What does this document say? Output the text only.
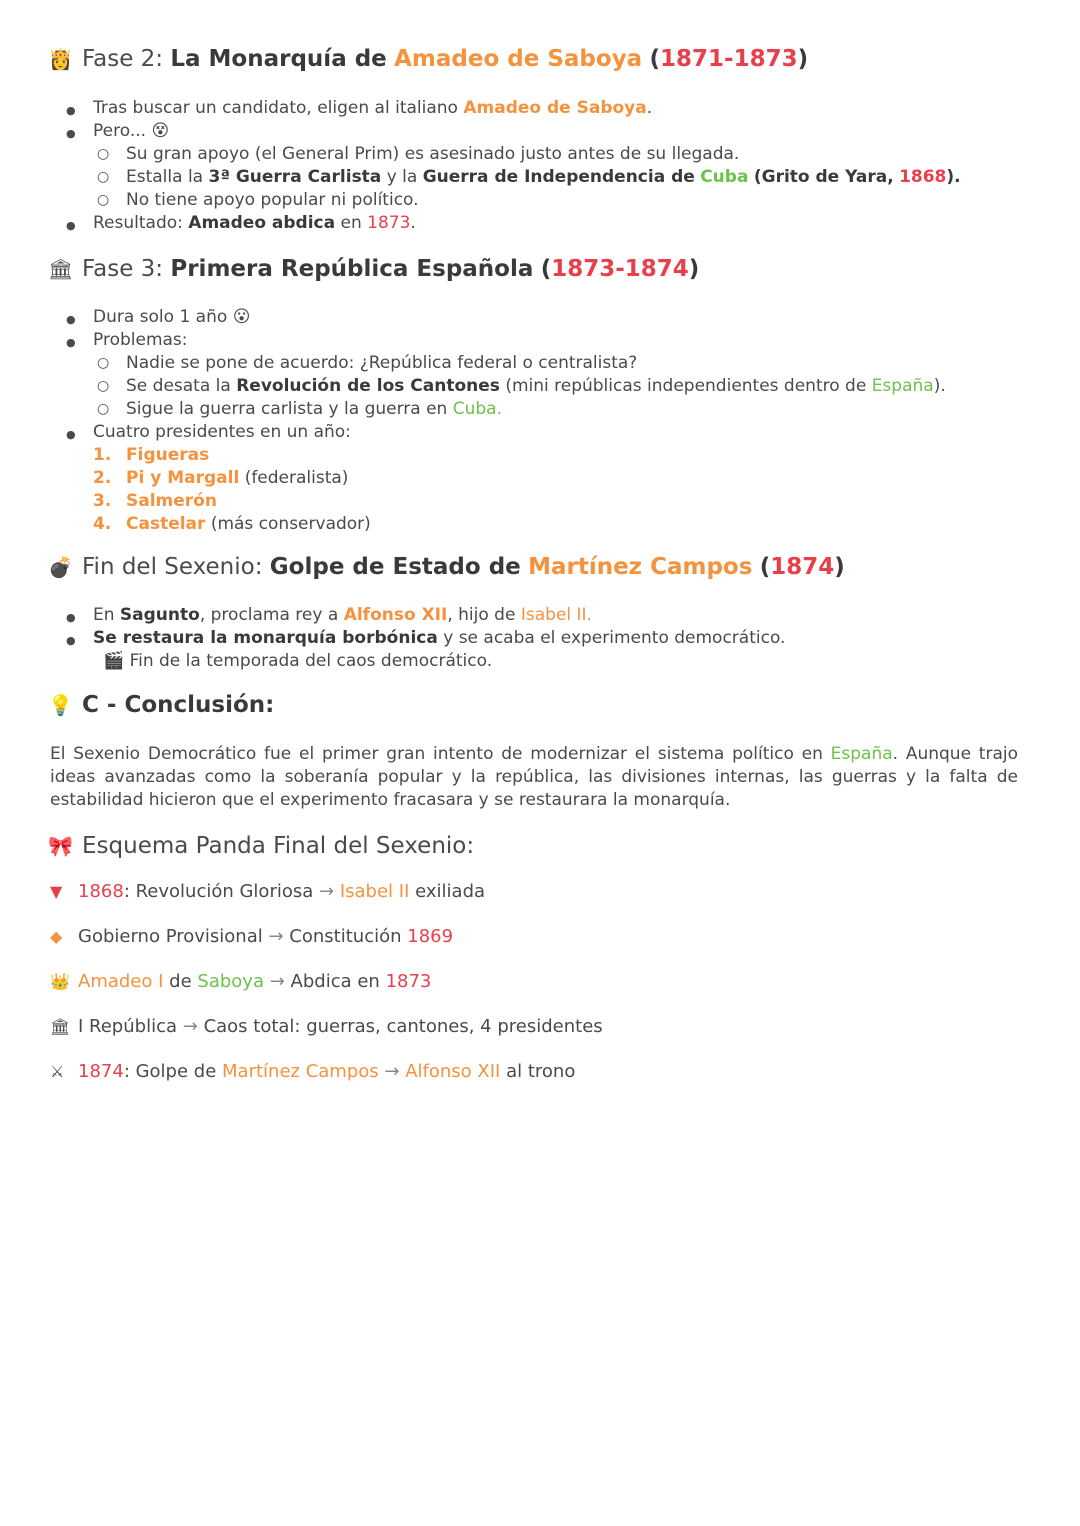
👸 Fase 2: La Monarquía de Amadeo de Saboya (1871-1873)
● Tras buscar un candidato, eligen al italiano Amadeo de Saboya.
● Pero... 😵
○ Su gran apoyo (el General Prim) es asesinado justo antes de su llegada.
○ Estalla la 3ª Guerra Carlista y la Guerra de Independencia de Cuba (Grito de Yara, 1868).
○ No tiene apoyo popular ni político.
● Resultado: Amadeo abdica en 1873.
🏛 Fase 3: Primera República Española (1873-1874)
● Dura solo 1 año 😮
● Problemas:
○ Nadie se pone de acuerdo: ¿República federal o centralista?
○ Se desata la Revolución de los Cantones (mini repúblicas independientes dentro de España).
○ Sigue la guerra carlista y la guerra en Cuba.
● Cuatro presidentes en un año:
1. Figueras
2. Pi y Margall (federalista)
3. Salmerón
4. Castelar (más conservador)
💣 Fin del Sexenio: Golpe de Estado de Martínez Campos (1874)
● En Sagunto, proclama rey a Alfonso XII, hijo de Isabel II.
● Se restaura la monarquía borbónica y se acaba el experimento democrático.
🎬 Fin de la temporada del caos democrático.
💡 C - Conclusión:

El Sexenio Democrático fue el primer gran intento de modernizar el sistema político en España. Aunque trajo ideas avanzadas como la soberanía popular y la república, las divisiones internas, las guerras y la falta de estabilidad hicieron que el experimento fracasara y se restaurara la monarquía.

🎀 Esquema Panda Final del Sexenio:
▼ 1868: Revolución Gloriosa → Isabel II exiliada
◆ Gobierno Provisional → Constitución 1869
👑 Amadeo I de Saboya → Abdica en 1873
🏛 I República → Caos total: guerras, cantones, 4 presidentes
⚔ 1874: Golpe de Martínez Campos → Alfonso XII al trono
